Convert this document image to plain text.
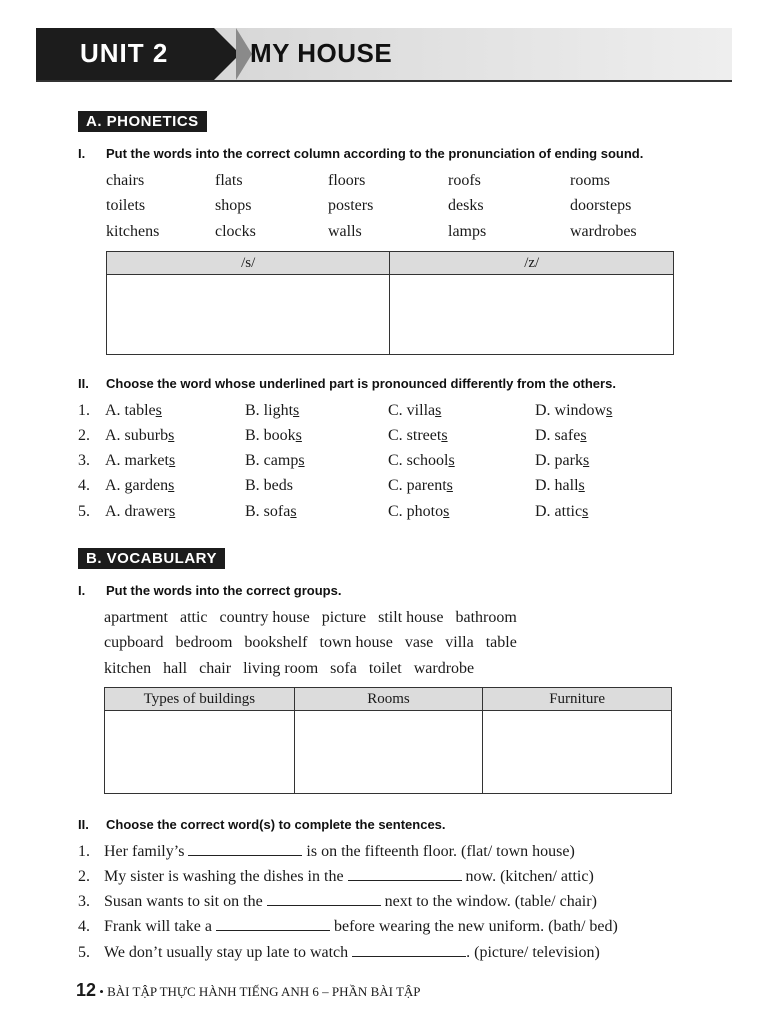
UNIT 2	MY HOUSE
A. PHONETICS
I. Put the words into the correct column according to the pronunciation of ending sound.
chairs	flats	floors	roofs	rooms
toilets	shops	posters	desks	doorsteps
kitchens	clocks	walls	lamps	wardrobes
/s/	/z/

II. Choose the word whose underlined part is pronounced differently from the others.
1. A. tables	B. lights	C. villas	D. windows
2. A. suburbs	B. books	C. streets	D. safes
3. A. markets	B. camps	C. schools	D. parks
4. A. gardens	B. beds	C. parents	D. halls
5. A. drawers	B. sofas	C. photos	D. attics
B. VOCABULARY
I. Put the words into the correct groups.
apartment   attic   country house   picture   stilt house   bathroom
cupboard   bedroom   bookshelf   town house   vase   villa   table
kitchen   hall   chair   living room   sofa   toilet   wardrobe
Types of buildings	Rooms	Furniture

II. Choose the correct word(s) to complete the sentences.
1. Her family’s	is on the fifteenth floor. (flat/ town house)
2. My sister is washing the dishes in the	now. (kitchen/ attic)
3. Susan wants to sit on the	next to the window. (table/ chair)
4. Frank will take a	before wearing the new uniform. (bath/ bed)
5. We don’t usually stay up late to watch	. (picture/ television)
12 • BÀI TẬP THỰC HÀNH TIẾNG ANH 6 – PHẦN BÀI TẬP
